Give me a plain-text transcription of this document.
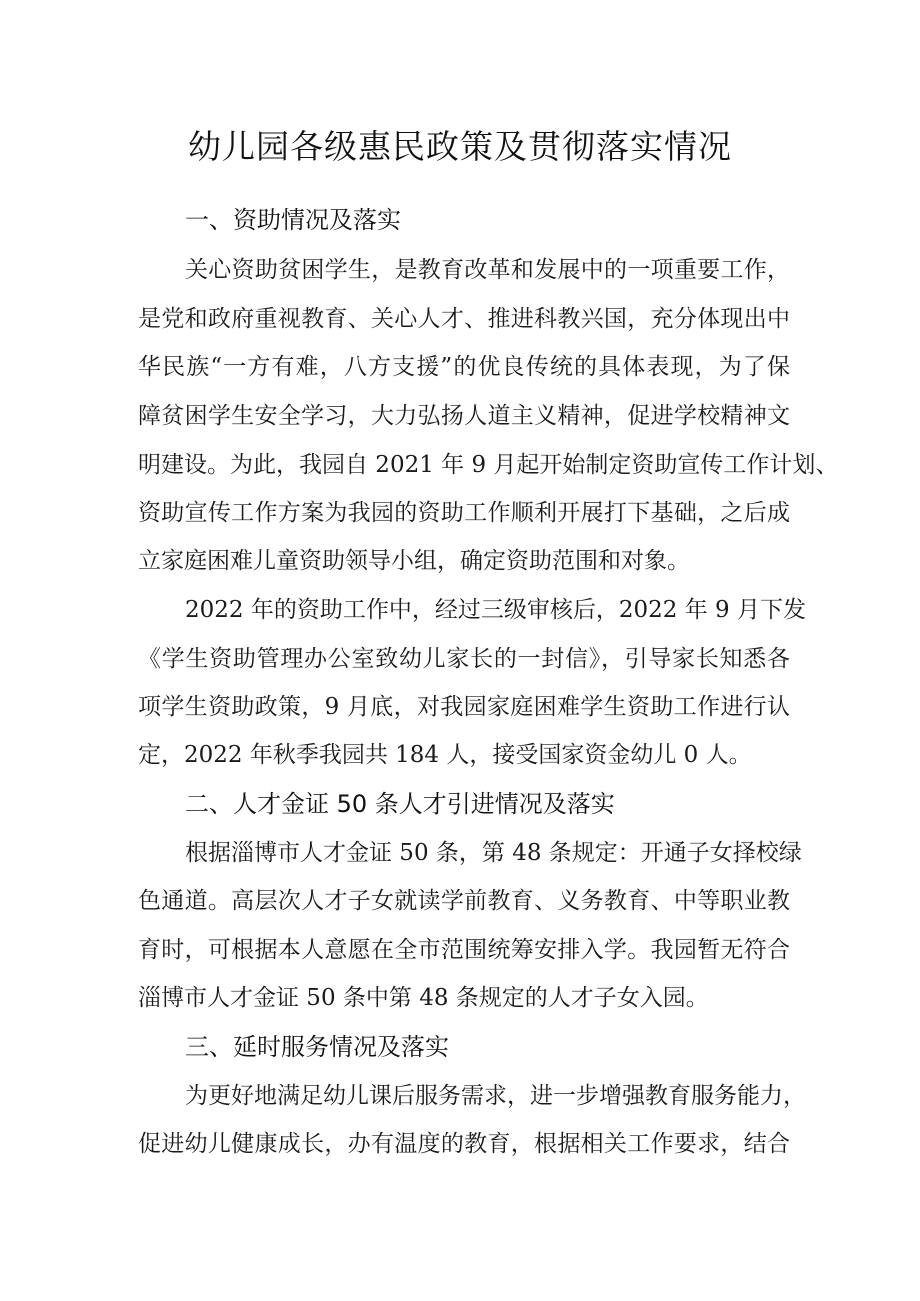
幼儿园各级惠民政策及贯彻落实情况
一、资助情况及落实

关心资助贫困学生，是教育改革和发展中的一项重要工作，

是党和政府重视教育、关心人才、推进科教兴国，充分体现出中

华民族“一方有难，八方支援”的优良传统的具体表现，为了保

障贫困学生安全学习，大力弘扬人道主义精神，促进学校精神文

明建设。为此，我园自 2021 年 9 月起开始制定资助宣传工作计划、

资助宣传工作方案为我园的资助工作顺利开展打下基础，之后成

立家庭困难儿童资助领导小组，确定资助范围和对象。

2022 年的资助工作中，经过三级审核后，2022 年 9 月下发

《学生资助管理办公室致幼儿家长的一封信》，引导家长知悉各

项学生资助政策，9 月底，对我园家庭困难学生资助工作进行认

定，2022 年秋季我园共 184 人，接受国家资金幼儿 0 人。

二、人才金证 50 条人才引进情况及落实

根据淄博市人才金证 50 条，第 48 条规定：开通子女择校绿

色通道。高层次人才子女就读学前教育、义务教育、中等职业教

育时，可根据本人意愿在全市范围统筹安排入学。我园暂无符合

淄博市人才金证 50 条中第 48 条规定的人才子女入园。

三、延时服务情况及落实

为更好地满足幼儿课后服务需求，进一步增强教育服务能力，

促进幼儿健康成长，办有温度的教育，根据相关工作要求，结合
